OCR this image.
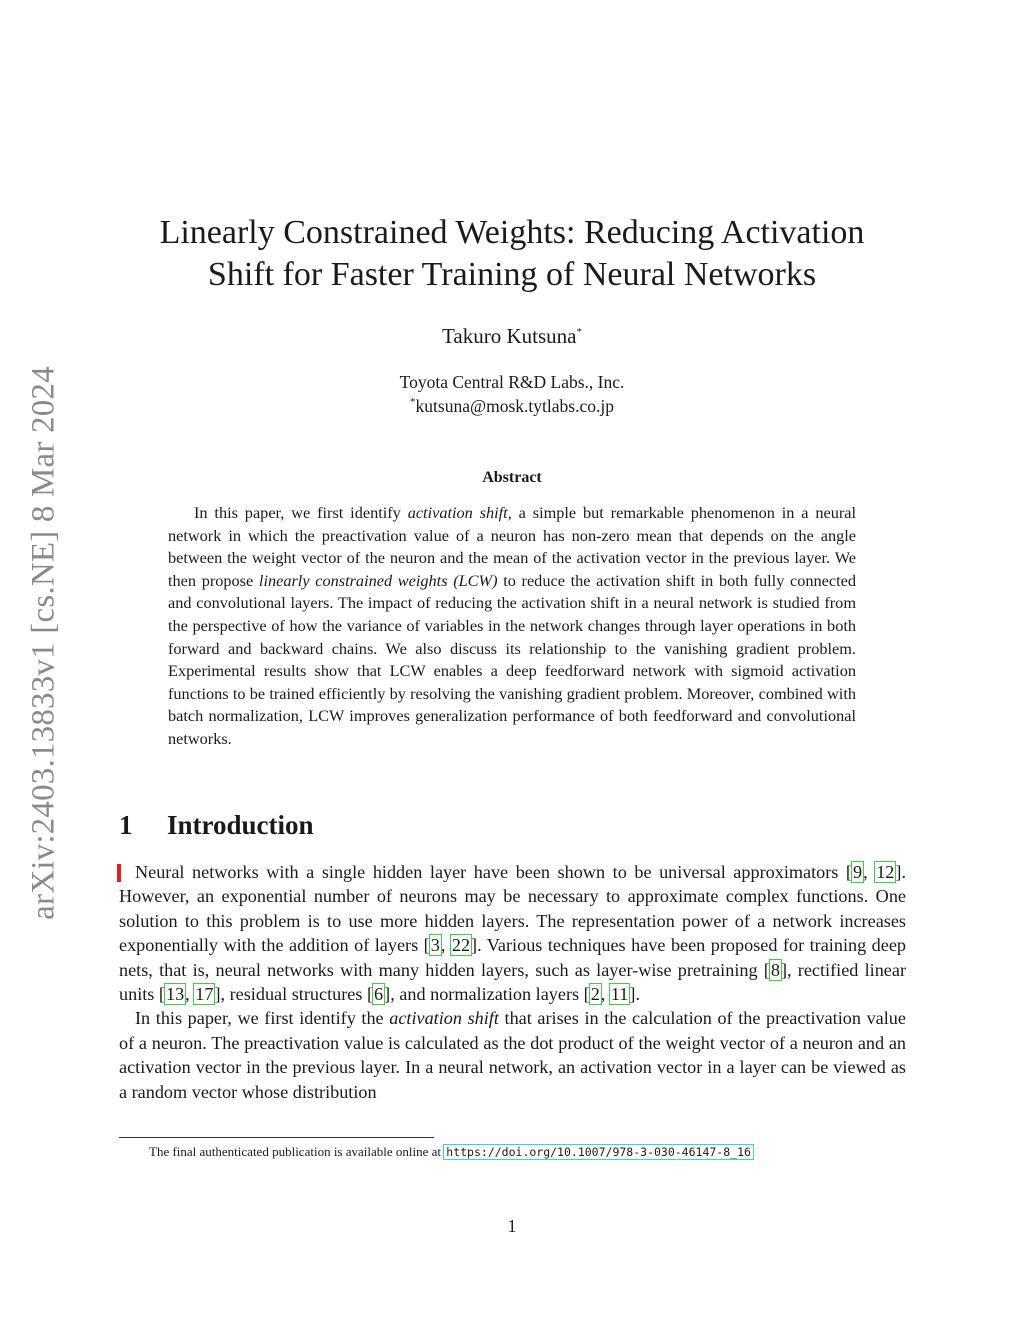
arXiv:2403.13833v1 [cs.NE] 8 Mar 2024
Linearly Constrained Weights: Reducing Activation
Shift for Faster Training of Neural Networks
Takuro Kutsuna*
Toyota Central R&D Labs., Inc.
*kutsuna@mosk.tytlabs.co.jp
Abstract

In this paper, we first identify activation shift, a simple but remarkable phenomenon in a neural network in which the preactivation value of a neuron has non-zero mean that depends on the angle between the weight vector of the neuron and the mean of the activation vector in the previous layer. We then propose linearly constrained weights (LCW) to reduce the activation shift in both fully connected and convolutional layers. The impact of reducing the activation shift in a neural network is studied from the perspective of how the variance of variables in the network changes through layer operations in both forward and backward chains. We also discuss its relationship to the vanishing gradient problem. Experimental results show that LCW enables a deep feedforward network with sigmoid activation functions to be trained efficiently by resolving the vanishing gradient problem. Moreover, combined with batch normalization, LCW improves generalization performance of both feedforward and convolutional networks.

1 Introduction

Neural networks with a single hidden layer have been shown to be universal approximators [9, 12]. However, an exponential number of neurons may be necessary to approximate complex functions. One solution to this problem is to use more hidden layers. The representation power of a network increases exponentially with the addition of layers [3, 22]. Various techniques have been proposed for training deep nets, that is, neural networks with many hidden layers, such as layer-wise pretraining [8], rectified linear units [13, 17], residual structures [6], and normalization layers [2, 11].

In this paper, we first identify the activation shift that arises in the calculation of the preactivation value of a neuron. The preactivation value is calculated as the dot product of the weight vector of a neuron and an activation vector in the previous layer. In a neural network, an activation vector in a layer can be viewed as a random vector whose distribution

The final authenticated publication is available online at https://doi.org/10.1007/978-3-030-46147-8_16
1
